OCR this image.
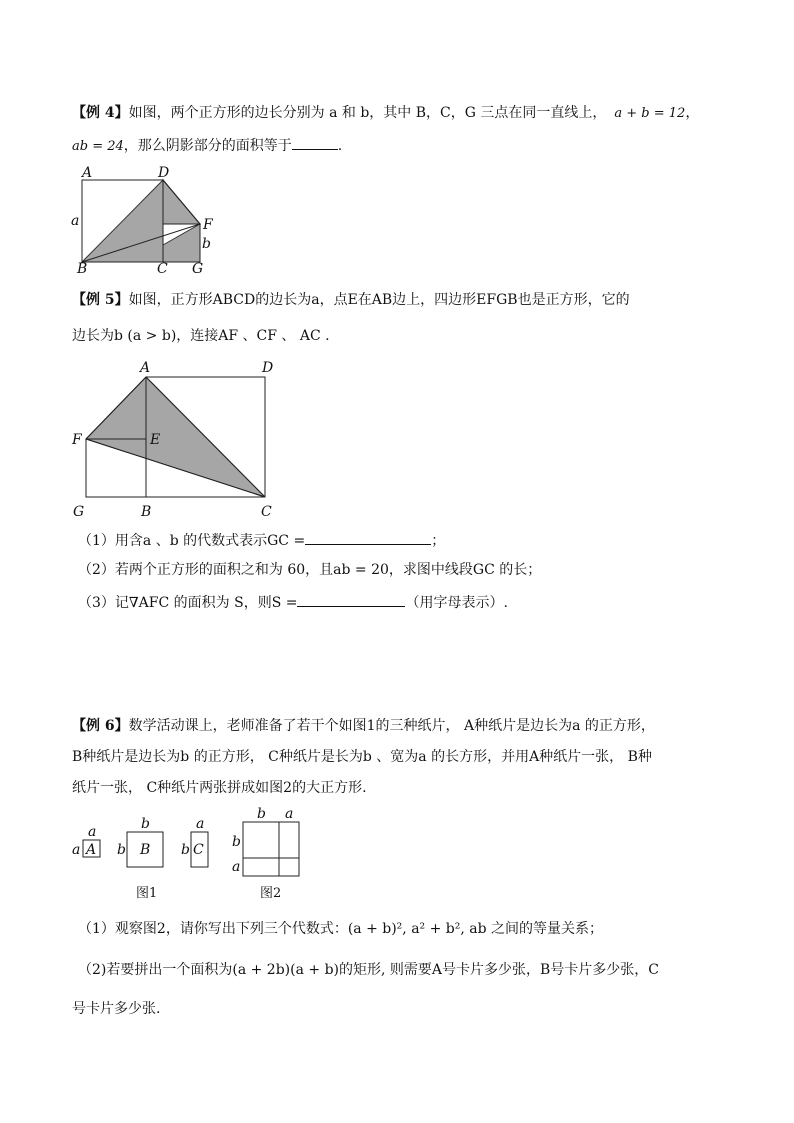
【例 4】如图，两个正方形的边长分别为 a 和 b，其中 B，C，G 三点在同一直线上， a + b = 12，
ab = 24，那么阴影部分的面积等于	.
A	D
F
a
b
B	C G
【例 5】如图，正方形ABCD的边长为a，点E在AB边上，四边形EFGB也是正方形，它的
边长为b (a > b)，连接AF 、CF 、 AC .
A	D
F	E
G	B	C
（1）用含a 、b 的代数式表示GC =	；
（2）若两个正方形的面积之和为 60，且ab = 20，求图中线段GC 的长；
（3）记∇AFC 的面积为 S，则S =	（用字母表示）.
【例 6】数学活动课上，老师准备了若干个如图1的三种纸片， A种纸片是边长为a 的正方形，
B种纸片是边长为b 的正方形， C种纸片是长为b 、宽为a 的长方形，并用A种纸片一张， B种
纸片一张， C种纸片两张拼成如图2的大正方形.
a
a A
b
b B
a
b C
图1
b a
b
a
图2
（1）观察图2，请你写出下列三个代数式：(a + b)², a² + b², ab 之间的等量关系；
（2)若要拼出一个面积为(a + 2b)(a + b)的矩形, 则需要A号卡片多少张，B号卡片多少张，C
号卡片多少张.
